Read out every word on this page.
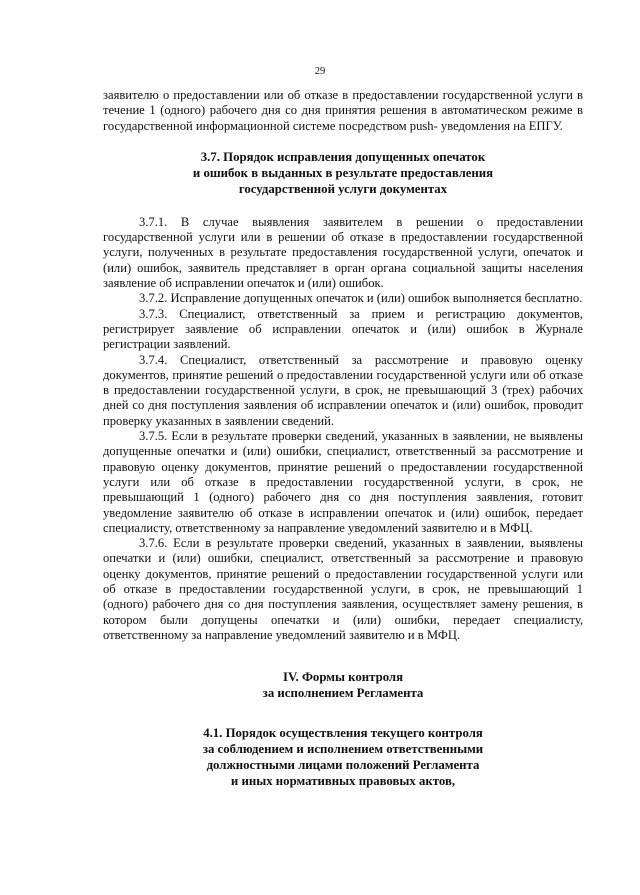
29

заявителю о предоставлении или об отказе в предоставлении государственной услуги в течение 1 (одного) рабочего дня со дня принятия решения в автоматическом режиме в государственной информационной системе посредством push- уведомления на ЕПГУ.

3.7. Порядок исправления допущенных опечаток
и ошибок в выданных в результате предоставления
государственной услуги документах

3.7.1. В случае выявления заявителем в решении о предоставлении государственной услуги или в решении об отказе в предоставлении государственной услуги, полученных в результате предоставления государственной услуги, опечаток и (или) ошибок, заявитель представляет в орган органа социальной защиты населения заявление об исправлении опечаток и (или) ошибок.

3.7.2. Исправление допущенных опечаток и (или) ошибок выполняется бесплатно.

3.7.3. Специалист, ответственный за прием и регистрацию документов, регистрирует заявление об исправлении опечаток и (или) ошибок в Журнале регистрации заявлений.

3.7.4. Специалист, ответственный за рассмотрение и правовую оценку документов, принятие решений о предоставлении государственной услуги или об отказе в предоставлении государственной услуги, в срок, не превышающий 3 (трех) рабочих дней со дня поступления заявления об исправлении опечаток и (или) ошибок, проводит проверку указанных в заявлении сведений.

3.7.5. Если в результате проверки сведений, указанных в заявлении, не выявлены допущенные опечатки и (или) ошибки, специалист, ответственный за рассмотрение и правовую оценку документов, принятие решений о предоставлении государственной услуги или об отказе в предоставлении государственной услуги, в срок, не превышающий 1 (одного) рабочего дня со дня поступления заявления, готовит уведомление заявителю об отказе в исправлении опечаток и (или) ошибок, передает специалисту, ответственному за направление уведомлений заявителю и в МФЦ.

3.7.6. Если в результате проверки сведений, указанных в заявлении, выявлены опечатки и (или) ошибки, специалист, ответственный за рассмотрение и правовую оценку документов, принятие решений о предоставлении государственной услуги или об отказе в предоставлении государственной услуги, в срок, не превышающий 1 (одного) рабочего дня со дня поступления заявления, осуществляет замену решения, в котором были допущены опечатки и (или) ошибки, передает специалисту, ответственному за направление уведомлений заявителю и в МФЦ.

IV. Формы контроля
за исполнением Регламента
4.1. Порядок осуществления текущего контроля
за соблюдением и исполнением ответственными
должностными лицами положений Регламента
и иных нормативных правовых актов,
